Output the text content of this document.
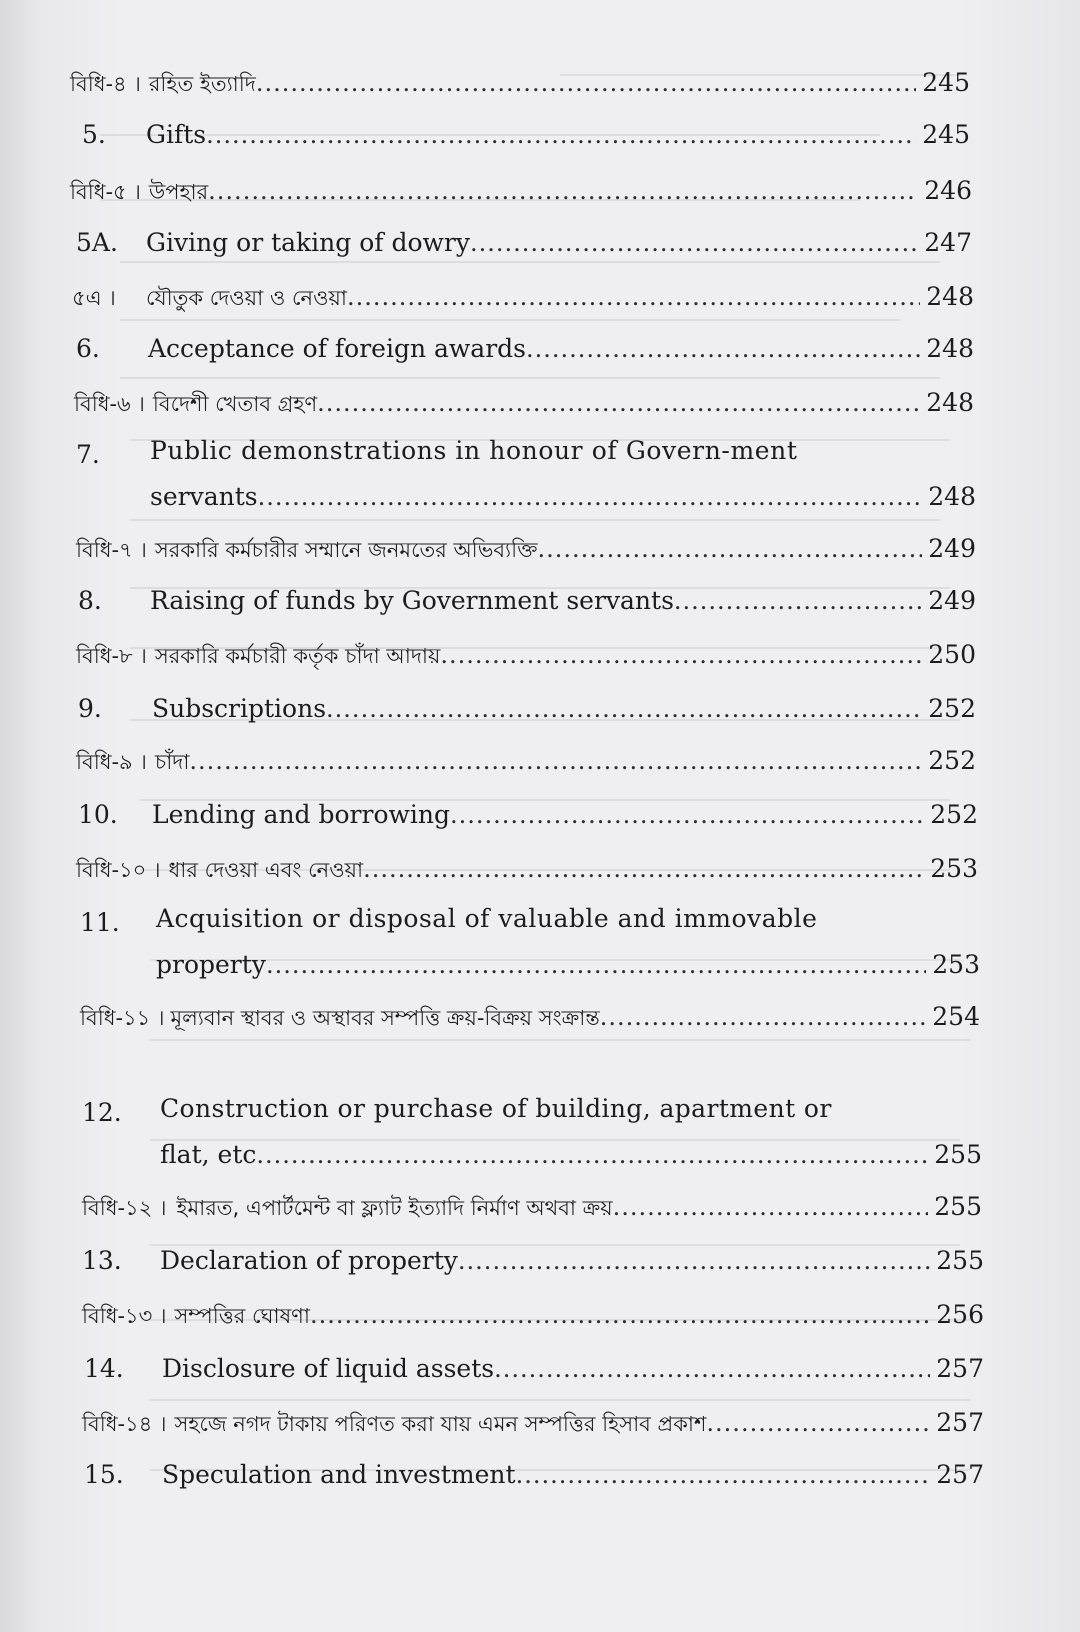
বিধি-৪ । রহিত ইত্যাদি .....	245
5.	Gifts .....	245
বিধি-৫ । উপহার .....	246
5A.	Giving or taking of dowry .....	247
৫এ ।	যৌতুক দেওয়া ও নেওয়া .....	248
6.	Acceptance of foreign awards .....	248
বিধি-৬ । বিদেশী খেতাব গ্রহণ .....	248
7. Public demonstrations in honour of Govern-ment
servants .....	248
বিধি-৭ । সরকারি কর্মচারীর সম্মানে জনমতের অভিব্যক্তি .....	249
8.	Raising of funds by Government servants .....	249
বিধি-৮ । সরকারি কর্মচারী কর্তৃক চাঁদা আদায় .....	250
9.	Subscriptions .....	252
বিধি-৯ । চাঁদা .....	252
10.	Lending and borrowing .....	252
বিধি-১০ । ধার দেওয়া এবং নেওয়া .....	253
11. Acquisition or disposal of valuable and immovable
property .....	253
বিধি-১১ । মূল্যবান স্থাবর ও অস্থাবর সম্পত্তি ক্রয়-বিক্রয় সংক্রান্ত .....	254
12. Construction or purchase of building, apartment or
flat, etc .....	255
বিধি-১২ । ইমারত, এপার্টমেন্ট বা ফ্ল্যাট ইত্যাদি নির্মাণ অথবা ক্রয় .....	255
13.	Declaration of property .....	255
বিধি-১৩ । সম্পত্তির ঘোষণা .....	256
14.	Disclosure of liquid assets .....	257
বিধি-১৪ । সহজে নগদ টাকায় পরিণত করা যায় এমন সম্পত্তির হিসাব প্রকাশ .....	257
15.	Speculation and investment .....	257
